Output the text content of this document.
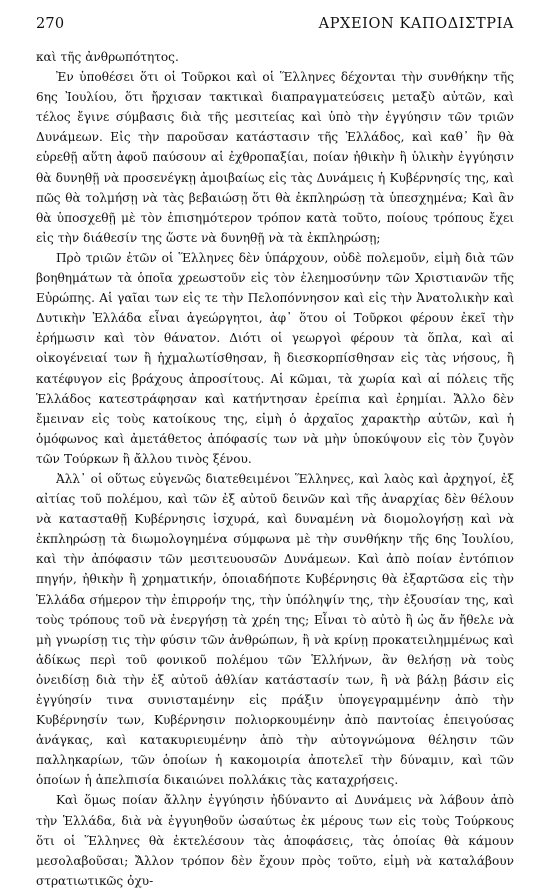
270	ΑΡΧΕΙΟΝ ΚΑΠΟΔΙΣΤΡΙΑ

καὶ τῆς ἀνθρωπότητος.

Ἐν ὑποθέσει ὅτι οἱ Τοῦρκοι καὶ οἱ Ἕλληνες δέχονται τὴν συνθήκην τῆς 6ης Ἰουλίου, ὅτι ἤρχισαν τακτικαὶ διαπραγματεύσεις μεταξὺ αὐτῶν, καὶ τέλος ἔγινε σύμβασις διὰ τῆς μεσιτείας καὶ ὑπὸ τὴν ἐγγύησιν τῶν τριῶν Δυνάμεων. Εἰς τὴν παροῦσαν κατάστασιν τῆς Ἑλλάδος, καὶ καθ᾽ ἣν θὰ εὑρεθῇ αὕτη ἀφοῦ παύσουν αἱ ἐχθροπαξίαι, ποίαν ἠθικὴν ἢ ὑλικὴν ἐγγύησιν θὰ δυνηθῇ νὰ προσενέγκῃ ἀμοιβαίως εἰς τὰς Δυνάμεις ἡ Κυβέρνησίς της, καὶ πῶς θὰ τολμήσῃ νὰ τὰς βεβαιώσῃ ὅτι θὰ ἐκπληρώσῃ τὰ ὑπεσχημένα; Καὶ ἂν θὰ ὑποσχεθῇ μὲ τὸν ἐπισημότερον τρόπον κατὰ τοῦτο, ποίους τρόπους ἔχει εἰς τὴν διάθεσίν της ὥστε νὰ δυνηθῇ νὰ τὰ ἐκπληρώσῃ;

Πρὸ τριῶν ἐτῶν οἱ Ἕλληνες δὲν ὑπάρχουν, οὐδὲ πολεμοῦν, εἰμὴ διὰ τῶν βοηθημάτων τὰ ὁποῖα χρεωστοῦν εἰς τὸν ἐλεημοσύνην τῶν Χριστιανῶν τῆς Εὐρώπης. Αἱ γαῖαι των εἰς τε τὴν Πελοπόννησον καὶ εἰς τὴν Ἀνατολικὴν καὶ Δυτικὴν Ἑλλάδα εἶναι ἀγεώργητοι, ἀφ᾽ ὅτου οἱ Τοῦρκοι φέρουν ἐκεῖ τὴν ἐρήμωσιν καὶ τὸν θάνατον. Διότι οἱ γεωργοὶ φέρουν τὰ ὅπλα, καὶ αἱ οἰκογένειαί των ἢ ἠχμαλωτίσθησαν, ἢ διεσκορπίσθησαν εἰς τὰς νήσους, ἢ κατέφυγον εἰς βράχους ἀπροσίτους. Αἱ κῶμαι, τὰ χωρία καὶ αἱ πόλεις τῆς Ἑλλάδος κατεστράφησαν καὶ κατήντησαν ἐρείπια καὶ ἐρημίαι. Ἄλλο δὲν ἔμειναν εἰς τοὺς κατοίκους της, εἰμὴ ὁ ἀρχαῖος χαρακτὴρ αὐτῶν, καὶ ἡ ὁμόφωνος καὶ ἀμετάθετος ἀπόφασίς των νὰ μὴν ὑποκύψουν εἰς τὸν ζυγὸν τῶν Τούρκων ἢ ἄλλου τινὸς ξένου.

Ἀλλ᾽ οἱ οὕτως εὐγενῶς διατεθειμένοι Ἕλληνες, καὶ λαὸς καὶ ἀρχηγοί, ἐξ αἰτίας τοῦ πολέμου, καὶ τῶν ἐξ αὐτοῦ δεινῶν καὶ τῆς ἀναρχίας δὲν θέλουν νὰ κατασταθῇ Κυβέρνησις ἰσχυρά, καὶ δυναμένη νὰ διομολογήσῃ καὶ νὰ ἐκπληρώσῃ τὰ διωμολογημένα σύμφωνα μὲ τὴν συνθήκην τῆς 6ης Ἰουλίου, καὶ τὴν ἀπόφασιν τῶν μεσιτευουσῶν Δυνάμεων. Καὶ ἀπὸ ποίαν ἐντόπιον πηγήν, ἠθικὴν ἢ χρηματικήν, ὁποιαδήποτε Κυβέρνησις θὰ ἐξαρτῶσα εἰς τὴν Ἑλλάδα σήμερον τὴν ἐπιρροήν της, τὴν ὑπόληψίν της, τὴν ἐξουσίαν της, καὶ τοὺς τρόπους τοῦ νὰ ἐνεργήσῃ τὰ χρέη της; Εἶναι τὸ αὐτὸ ἢ ὡς ἄν ἤθελε νὰ μὴ γνωρίσῃ τις τὴν φύσιν τῶν ἀνθρώπων, ἢ νὰ κρίνῃ προκατειλημμένως καὶ ἀδίκως περὶ τοῦ φονικοῦ πολέμου τῶν Ἑλλήνων, ἂν θελήσῃ νὰ τοὺς ὀνειδίσῃ διὰ τὴν ἐξ αὐτοῦ ἀθλίαν κατάστασίν των, ἢ νὰ βάλῃ βάσιν εἰς ἐγγύησίν τινα συνισταμένην εἰς πράξιν ὑπογεγραμμένην ἀπὸ τὴν Κυβέρνησίν των, Κυβέρνησιν πολιορκουμένην ἀπὸ παντοίας ἐπειγούσας ἀνάγκας, καὶ κατακυριευμένην ἀπὸ τὴν αὐτογνώμονα θέλησιν τῶν παλληκαρίων, τῶν ὁποίων ἡ κακομοιρία ἀποτελεῖ τὴν δύναμιν, καὶ τῶν ὁποίων ἡ ἀπελπισία δικαιώνει πολλάκις τὰς καταχρήσεις.

Καὶ ὅμως ποίαν ἄλλην ἐγγύησιν ἠδύναντο αἱ Δυνάμεις νὰ λάβουν ἀπὸ τὴν Ἑλλάδα, διὰ νὰ ἐγγυηθοῦν ὡσαύτως ἐκ μέρους των εἰς τοὺς Τούρκους ὅτι οἱ Ἕλληνες θὰ ἐκτελέσουν τὰς ἀποφάσεις, τὰς ὁποίας θὰ κάμουν μεσολαβοῦσαι; Ἄλλον τρόπον δὲν ἔχουν πρὸς τοῦτο, εἰμὴ νὰ καταλάβουν στρατιωτικῶς ὀχυ-
